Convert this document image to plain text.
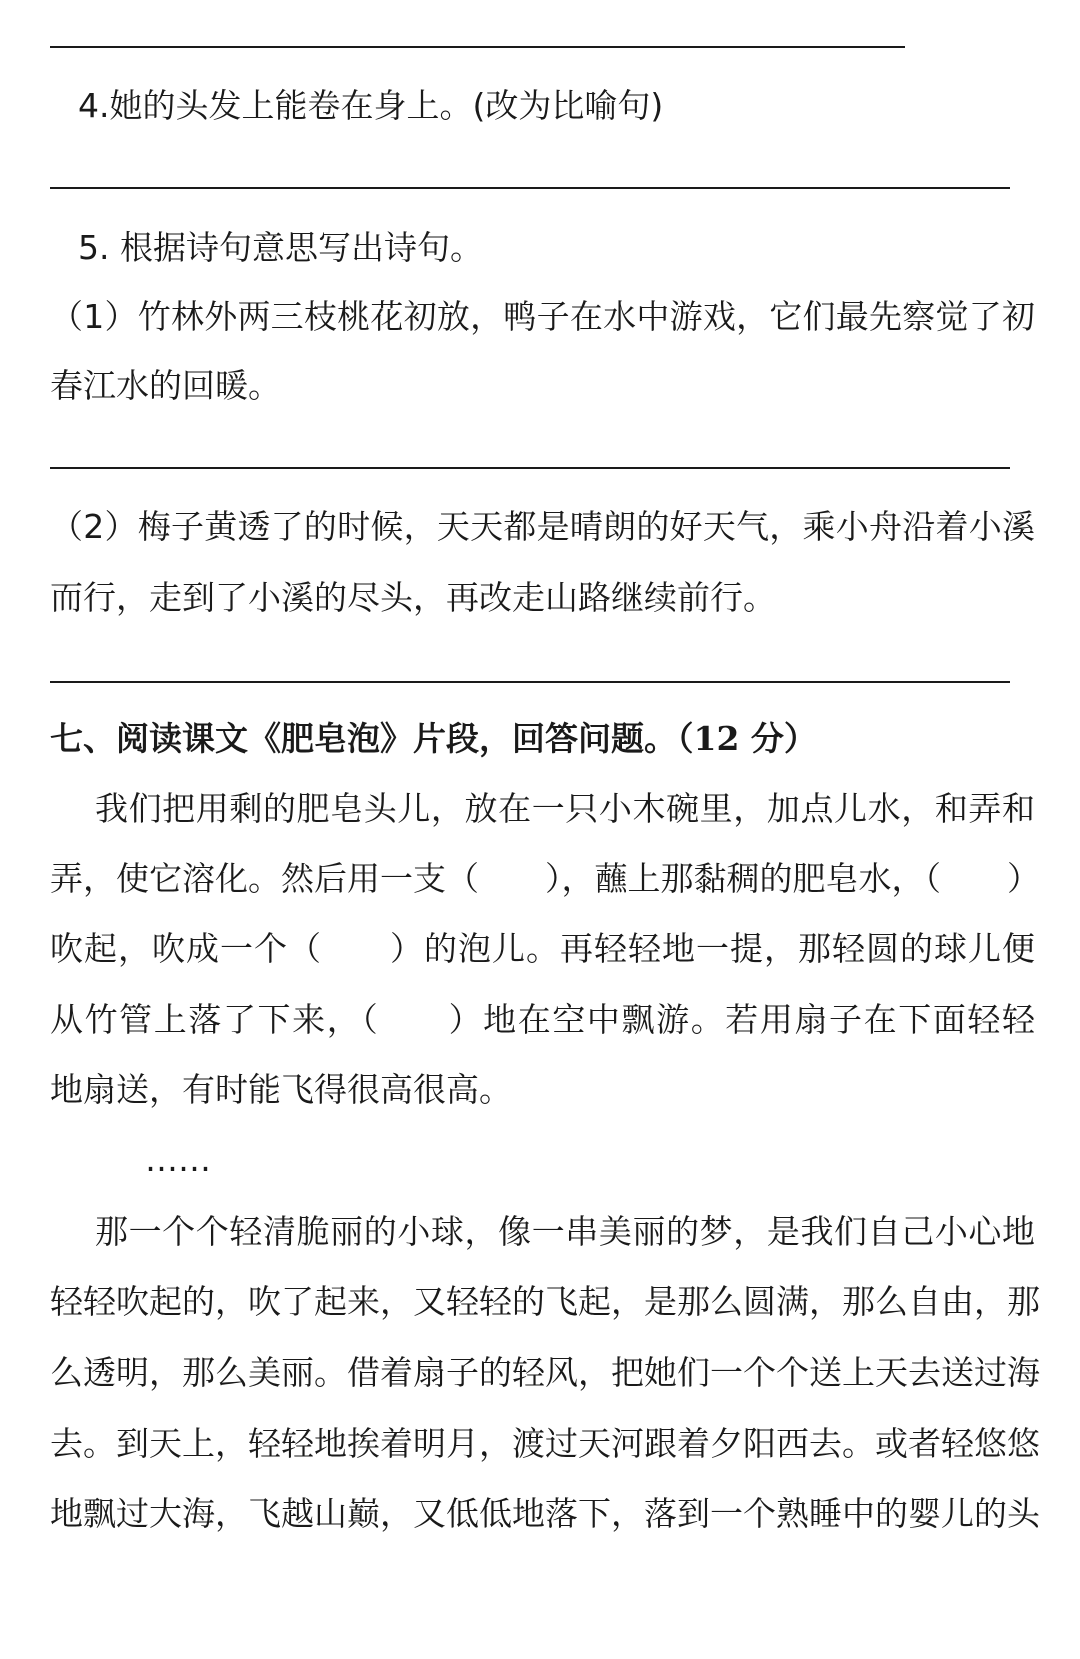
4.她的头发上能卷在身上。(改为比喻句)
5. 根据诗句意思写出诗句。
（1）竹林外两三枝桃花初放，鸭子在水中游戏，它们最先察觉了初
春江水的回暖。
（2）梅子黄透了的时候，天天都是晴朗的好天气，乘小舟沿着小溪
而行，走到了小溪的尽头，再改走山路继续前行。
七、阅读课文《肥皂泡》片段，回答问题。（12 分）
我们把用剩的肥皂头儿，放在一只小木碗里，加点儿水，和弄和
弄，使它溶化。然后用一支（　　），蘸上那黏稠的肥皂水，（　　）
吹起，吹成一个（　　）的泡儿。再轻轻地一提，那轻圆的球儿便
从竹管上落了下来，（　　）地在空中飘游。若用扇子在下面轻轻
地扇送，有时能飞得很高很高。
……
那一个个轻清脆丽的小球，像一串美丽的梦，是我们自己小心地
轻轻吹起的，吹了起来，又轻轻的飞起，是那么圆满，那么自由，那
么透明，那么美丽。借着扇子的轻风，把她们一个个送上天去送过海
去。到天上，轻轻地挨着明月，渡过天河跟着夕阳西去。或者轻悠悠
地飘过大海，飞越山巅，又低低地落下，落到一个熟睡中的婴儿的头
